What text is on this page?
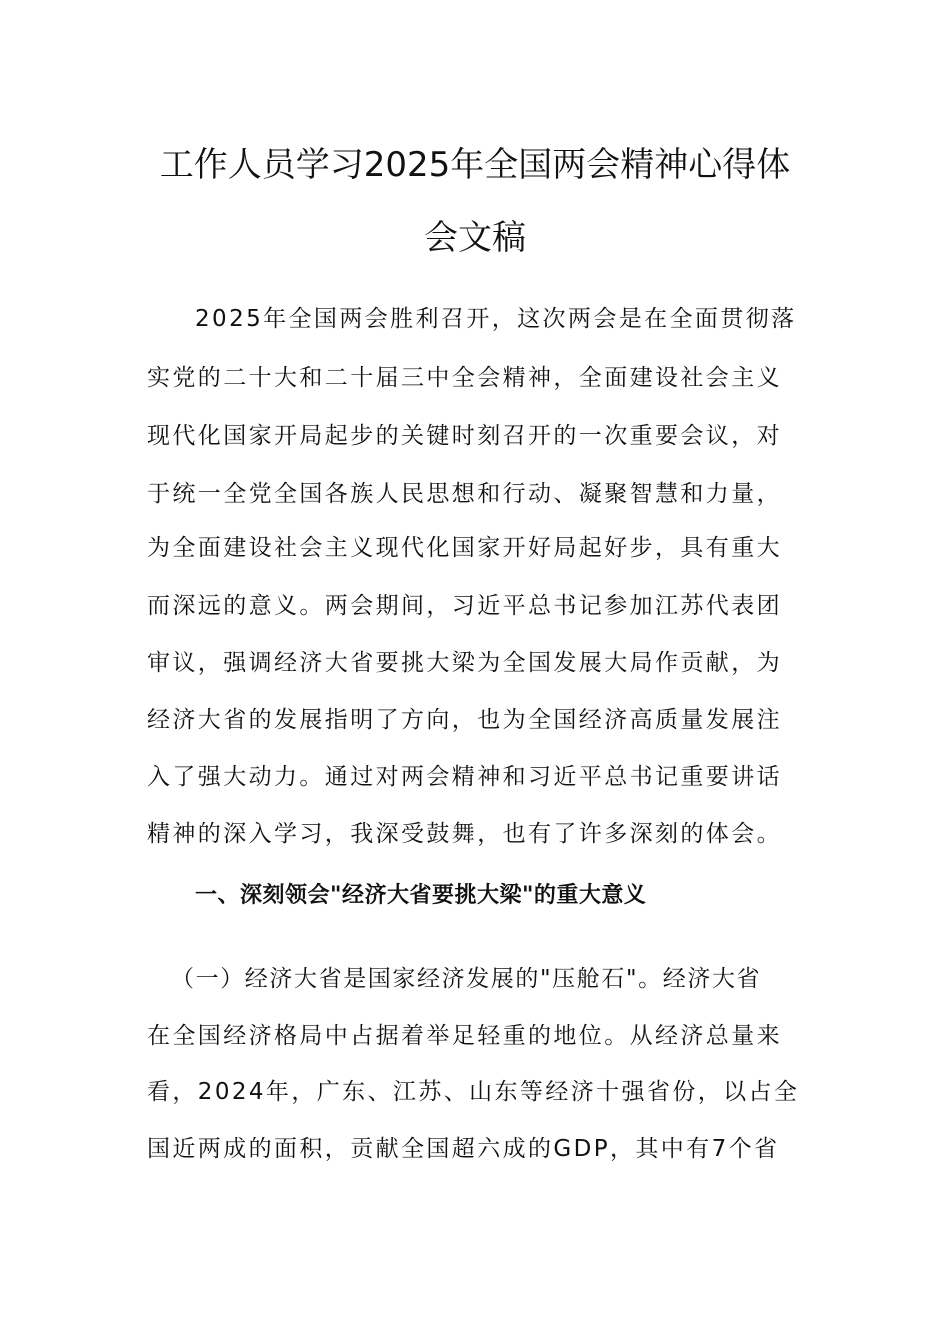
工作人员学习2025年全国两会精神心得体
会文稿
2025年全国两会胜利召开，这次两会是在全面贯彻落
实党的二十大和二十届三中全会精神，全面建设社会主义
现代化国家开局起步的关键时刻召开的一次重要会议，对
于统一全党全国各族人民思想和行动、凝聚智慧和力量，
为全面建设社会主义现代化国家开好局起好步，具有重大
而深远的意义。两会期间，习近平总书记参加江苏代表团
审议，强调经济大省要挑大梁为全国发展大局作贡献，为
经济大省的发展指明了方向，也为全国经济高质量发展注
入了强大动力。通过对两会精神和习近平总书记重要讲话
精神的深入学习，我深受鼓舞，也有了许多深刻的体会。
一、深刻领会"经济大省要挑大梁"的重大意义
（一）经济大省是国家经济发展的"压舱石"。经济大省
在全国经济格局中占据着举足轻重的地位。从经济总量来
看，2024年，广东、江苏、山东等经济十强省份，以占全
国近两成的面积，贡献全国超六成的GDP，其中有7个省
